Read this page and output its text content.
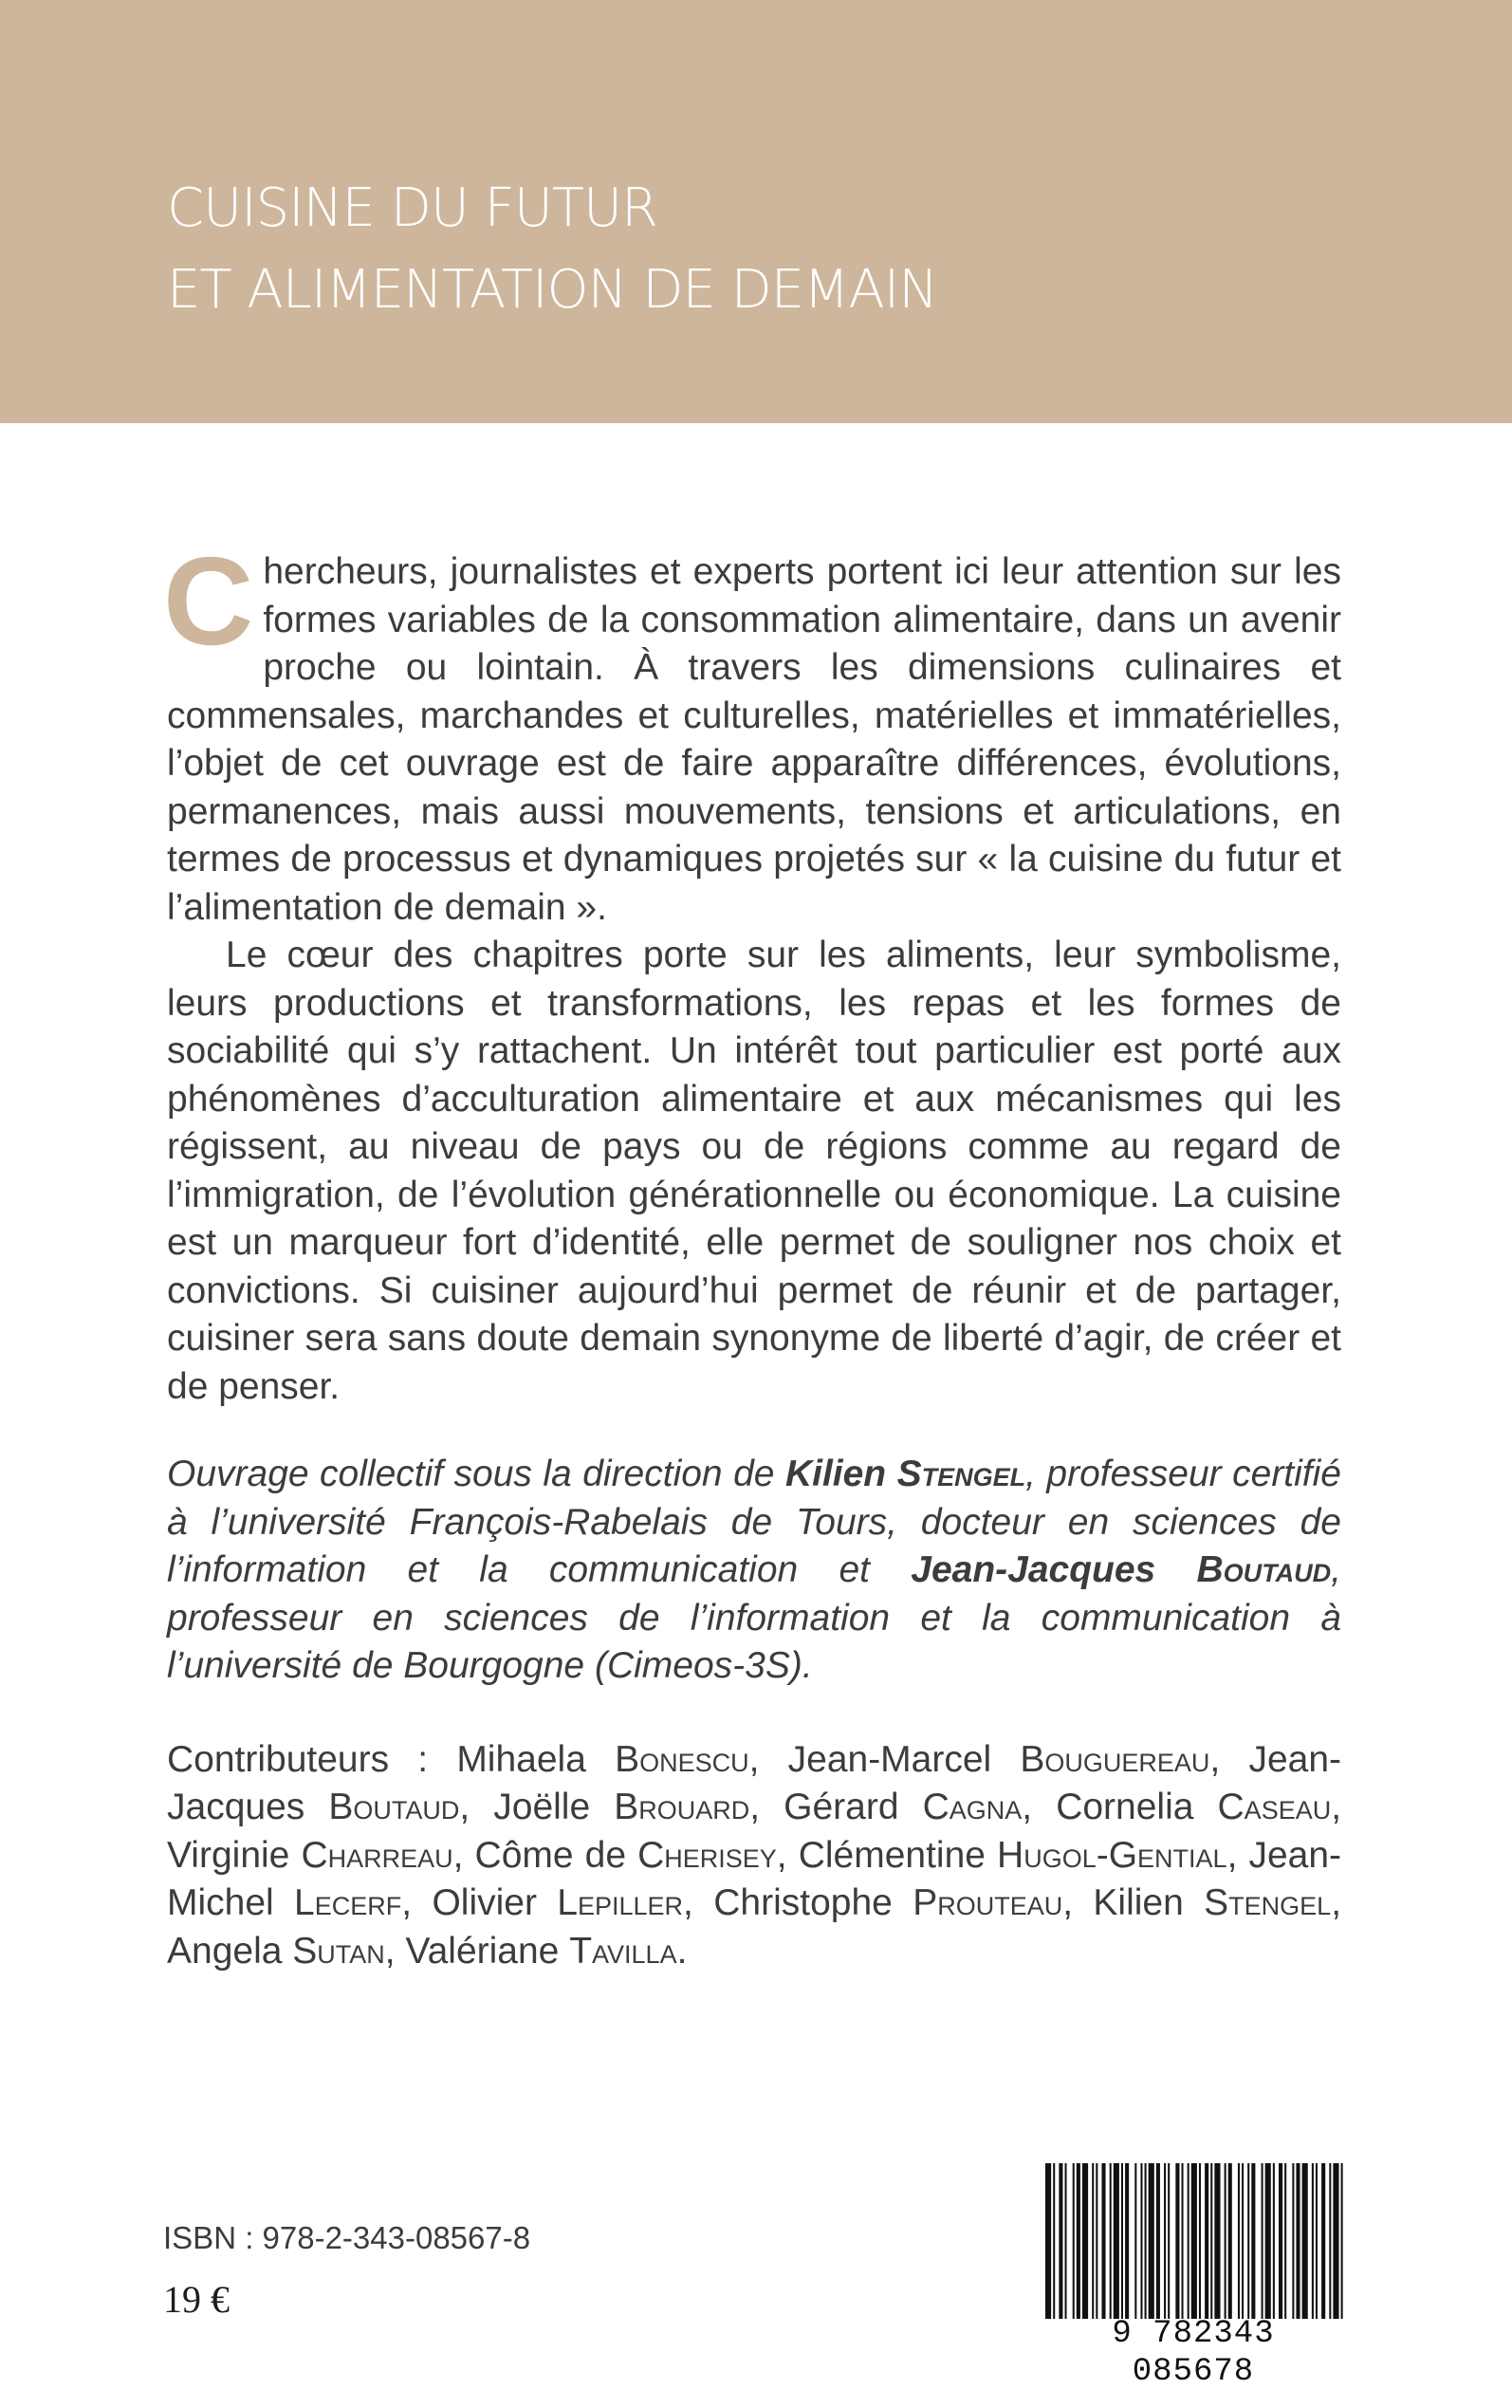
CUISINE DU FUTUR
ET ALIMENTATION DE DEMAIN

Chercheurs, journalistes et experts portent ici leur attention sur les formes variables de la consommation alimentaire, dans un avenir proche ou lointain. À travers les dimensions culinaires et commensales, marchandes et culturelles, matérielles et immatérielles, l’objet de cet ouvrage est de faire apparaître différences, évolutions, permanences, mais aussi mouvements, tensions et articulations, en termes de processus et dynamiques projetés sur « la cuisine du futur et l’alimentation de demain ».

Le cœur des chapitres porte sur les aliments, leur symbolisme, leurs productions et transformations, les repas et les formes de sociabilité qui s’y rattachent. Un intérêt tout particulier est porté aux phénomènes d’acculturation alimentaire et aux mécanismes qui les régissent, au niveau de pays ou de régions comme au regard de l’immigration, de l’évolution générationnelle ou économique. La cuisine est un marqueur fort d’identité, elle permet de souligner nos choix et convictions. Si cuisiner aujourd’hui permet de réunir et de partager, cuisiner sera sans doute demain synonyme de liberté d’agir, de créer et de penser.

Ouvrage collectif sous la direction de Kilien Stengel, professeur certifié à l’université François-Rabelais de Tours, docteur en sciences de l’information et la communication et Jean-Jacques Boutaud, professeur en sciences de l’information et la communication à l’université de Bourgogne (Cimeos-3S).

Contributeurs : Mihaela Bonescu, Jean-Marcel Bouguereau, Jean-Jacques Boutaud, Joëlle Brouard, Gérard Cagna, Cornelia Caseau, Virginie Charreau, Côme de Cherisey, Clémentine Hugol-Gential, Jean-Michel Lecerf, Olivier Lepiller, Christophe Prouteau, Kilien Stengel, Angela Sutan, Valériane Tavilla.

ISBN : 978-2-343-08567-8
19 €
9 782343 085678
